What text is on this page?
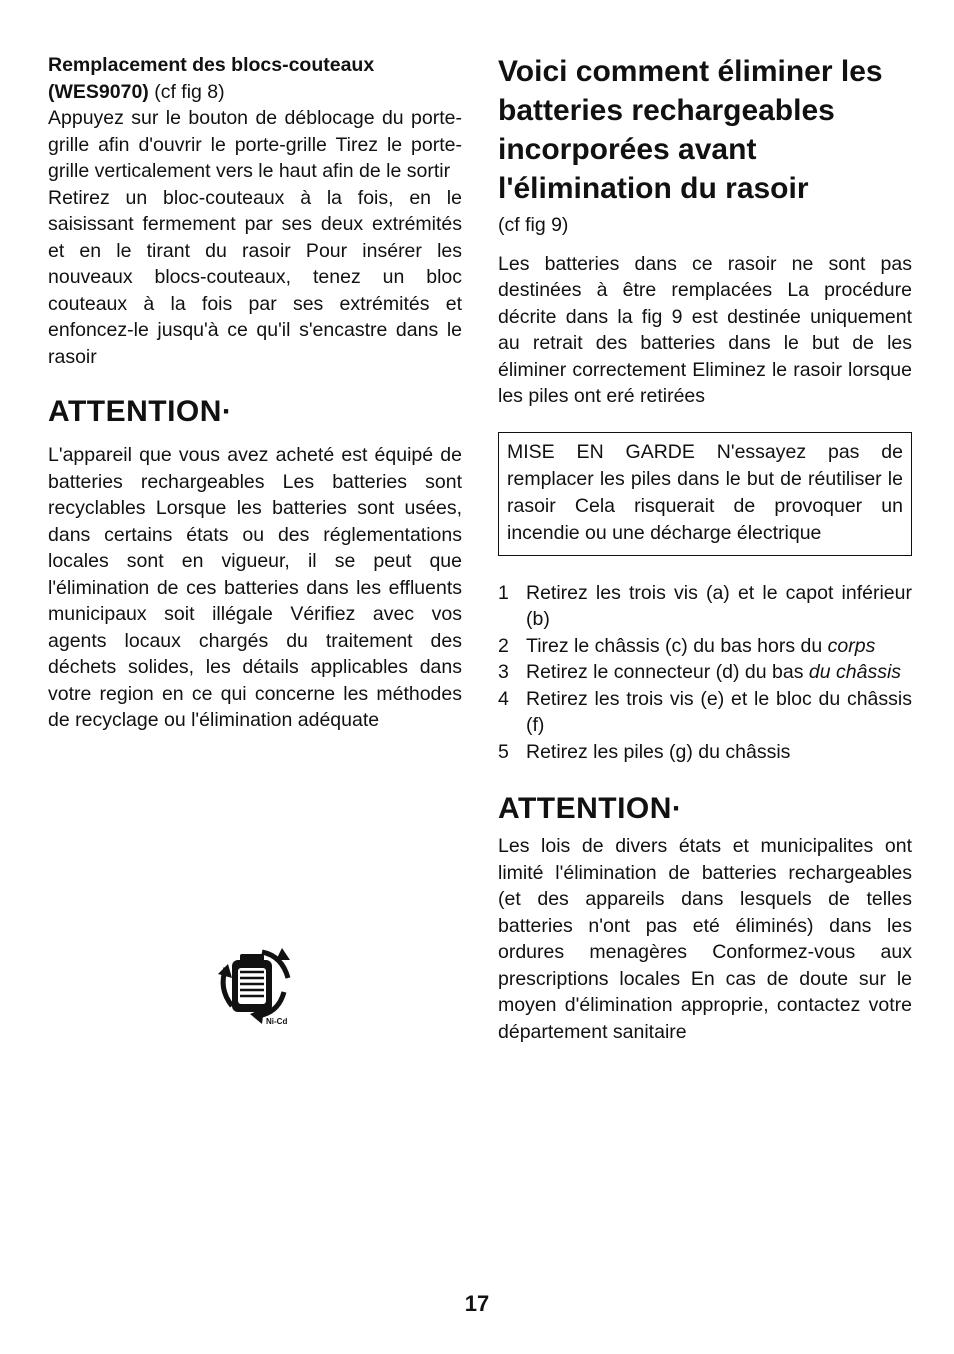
Remplacement des blocs-couteaux
(WES9070) (cf fig 8)

Appuyez sur le bouton de déblocage du porte-grille afin d'ouvrir le porte-grille Tirez le porte-grille verticalement vers le haut afin de le sortir

Retirez un bloc-couteaux à la fois, en le saisissant fermement par ses deux extrémités et en le tirant du rasoir Pour insérer les nouveaux blocs-couteaux, tenez un bloc couteaux à la fois par ses extrémités et enfoncez-le jusqu'à ce qu'il s'encastre dans le rasoir

ATTENTION·

L'appareil que vous avez acheté est équipé de batteries rechargeables Les batteries sont recyclables Lorsque les batteries sont usées, dans certains états ou des réglementations locales sont en vigueur, il se peut que l'élimination de ces batteries dans les effluents municipaux soit illégale Vérifiez avec vos agents locaux chargés du traitement des déchets solides, les détails applicables dans votre region en ce qui concerne les méthodes de recyclage ou l'élimination adéquate

Ni-Cd
Voici comment éliminer les batteries rechargeables incorporées avant l'élimination du rasoir

(cf fig 9)

Les batteries dans ce rasoir ne sont pas destinées à être remplacées La procédure décrite dans la fig 9 est destinée uniquement au retrait des batteries dans le but de les éliminer correctement Eliminez le rasoir lorsque les piles ont eré retirées

MISE EN GARDE N'essayez pas de remplacer les piles dans le but de réutiliser le rasoir Cela risquerait de provoquer un incendie ou une décharge électrique

1 Retirez les trois vis (a) et le capot inférieur (b)
2 Tirez le châssis (c) du bas hors du corps
3 Retirez le connecteur (d) du bas du châssis
4 Retirez les trois vis (e) et le bloc du châssis (f)
5 Retirez les piles (g) du châssis
ATTENTION·

Les lois de divers états et municipalites ont limité l'élimination de batteries rechargeables (et des appareils dans lesquels de telles batteries n'ont pas eté éliminés) dans les ordures menagères Conformez-vous aux prescriptions locales En cas de doute sur le moyen d'élimination approprie, contactez votre département sanitaire

17
